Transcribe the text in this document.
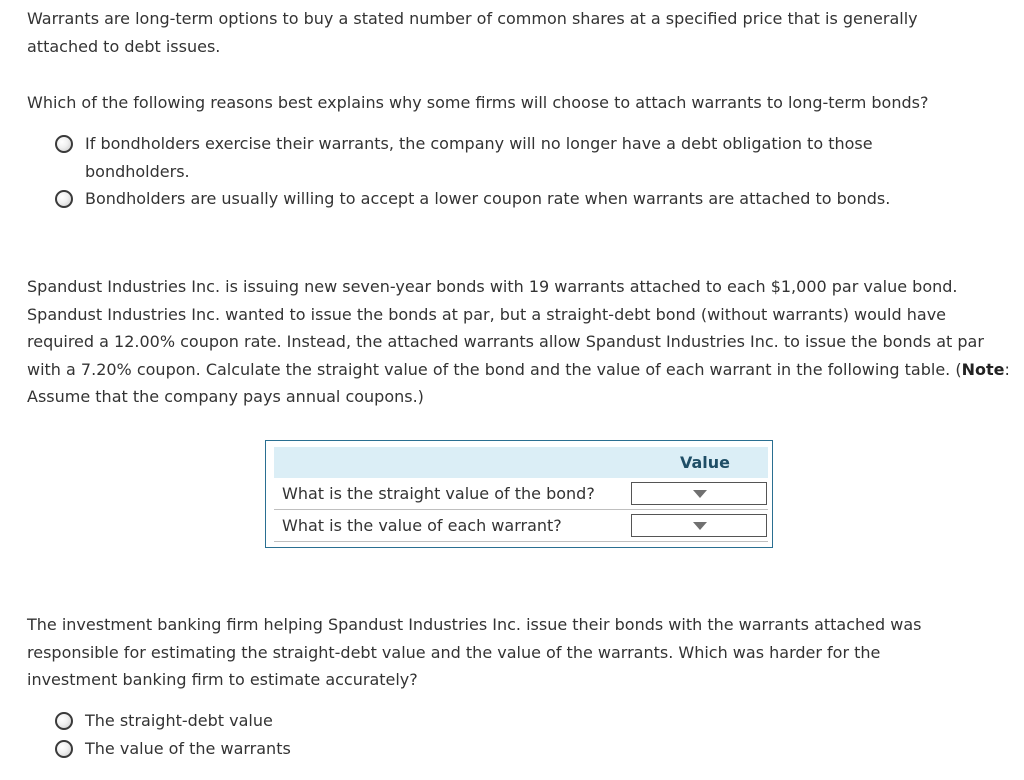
Warrants are long-term options to buy a stated number of common shares at a specified price that is generally attached to debt issues.

Which of the following reasons best explains why some firms will choose to attach warrants to long-term bonds?

If bondholders exercise their warrants, the company will no longer have a debt obligation to those bondholders.
Bondholders are usually willing to accept a lower coupon rate when warrants are attached to bonds.

Spandust Industries Inc. is issuing new seven-year bonds with 19 warrants attached to each $1,000 par value bond. Spandust Industries Inc. wanted to issue the bonds at par, but a straight-debt bond (without warrants) would have required a 12.00% coupon rate. Instead, the attached warrants allow Spandust Industries Inc. to issue the bonds at par with a 7.20% coupon. Calculate the straight value of the bond and the value of each warrant in the following table. (Note: Assume that the company pays annual coupons.)

Value
What is the straight value of the bond?
What is the value of each warrant?

The investment banking firm helping Spandust Industries Inc. issue their bonds with the warrants attached was responsible for estimating the straight-debt value and the value of the warrants. Which was harder for the investment banking firm to estimate accurately?

The straight-debt value
The value of the warrants
